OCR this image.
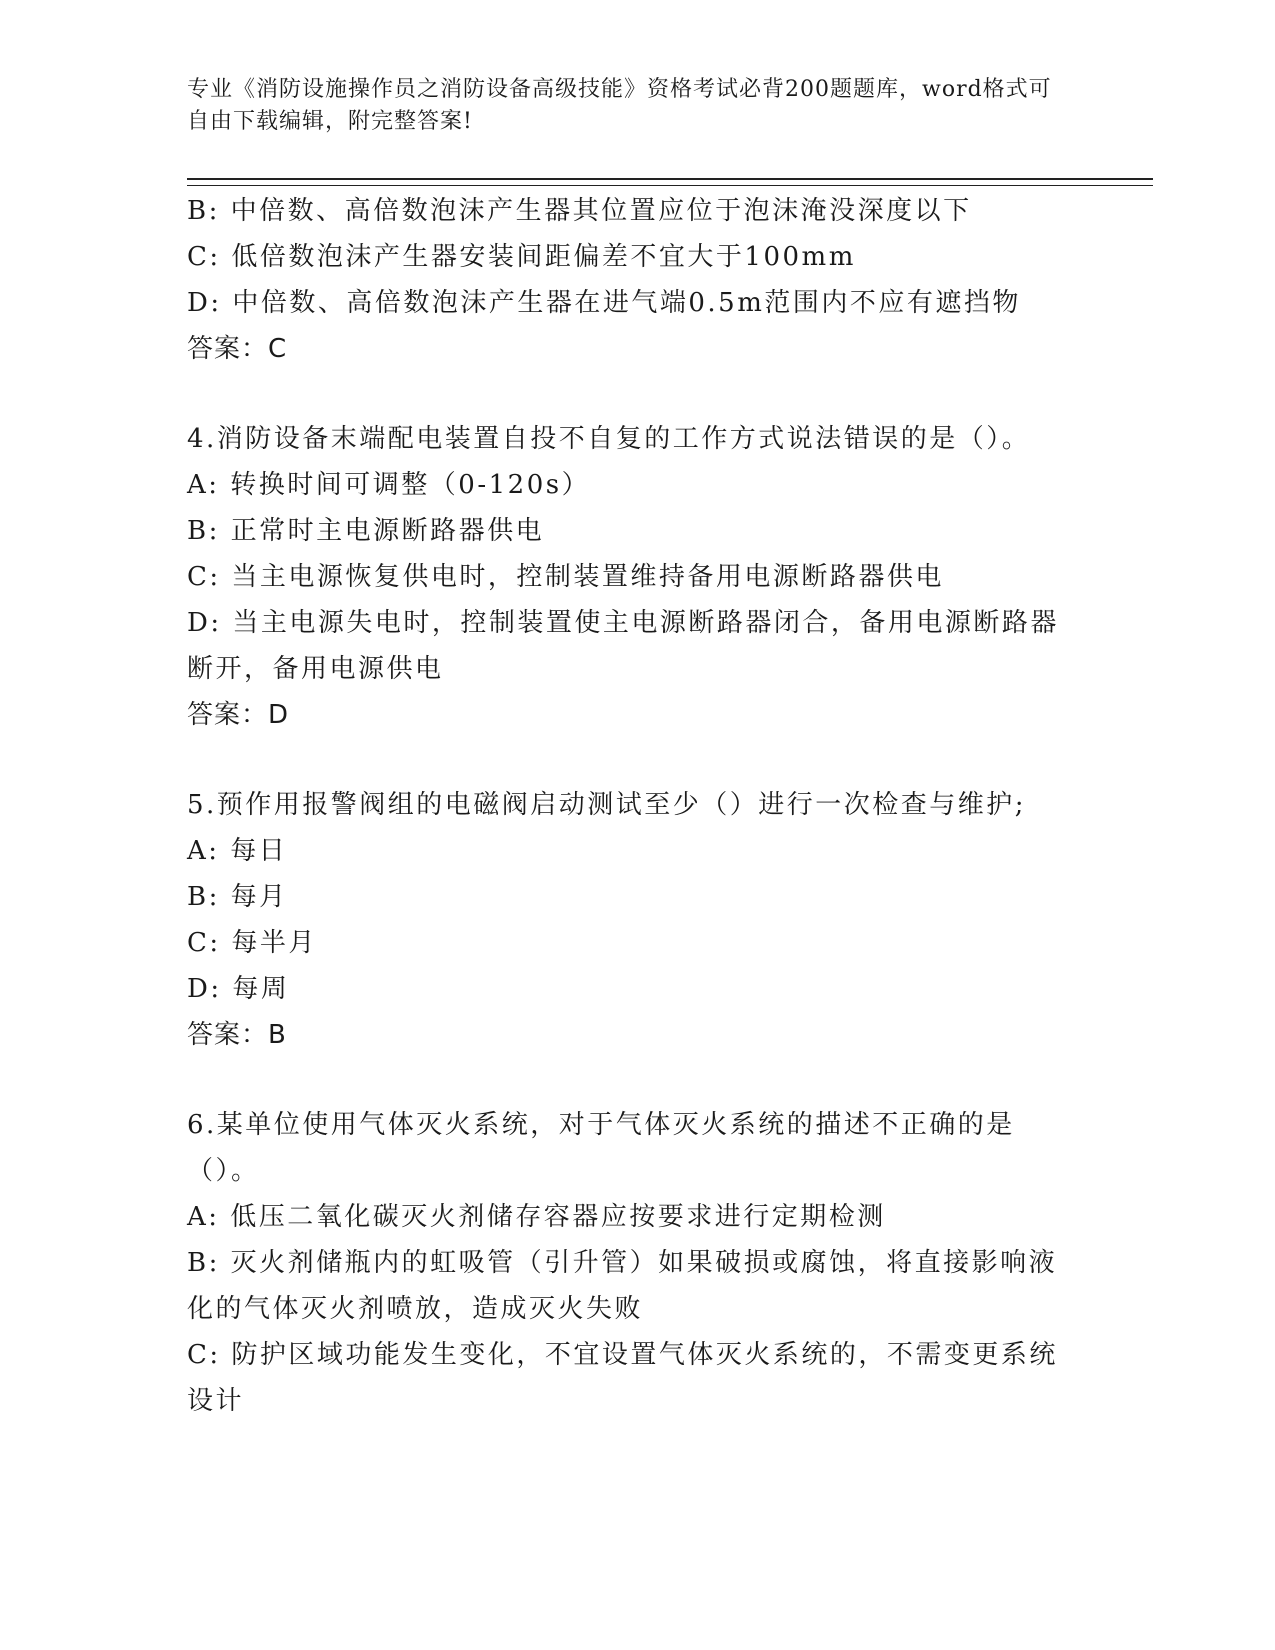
专业《消防设施操作员之消防设备高级技能》资格考试必背200题题库，word格式可自由下载编辑，附完整答案!

B: 中倍数、高倍数泡沫产生器其位置应位于泡沫淹没深度以下

C: 低倍数泡沫产生器安装间距偏差不宜大于100mm

D: 中倍数、高倍数泡沫产生器在进气端0.5m范围内不应有遮挡物

答案：C

4.消防设备末端配电装置自投不自复的工作方式说法错误的是（）。

A: 转换时间可调整（0-120s）

B: 正常时主电源断路器供电

C: 当主电源恢复供电时，控制装置维持备用电源断路器供电

D: 当主电源失电时，控制装置使主电源断路器闭合，备用电源断路器断开，备用电源供电

答案：D

5.预作用报警阀组的电磁阀启动测试至少（）进行一次检查与维护;

A: 每日

B: 每月

C: 每半月

D: 每周

答案：B

6.某单位使用气体灭火系统，对于气体灭火系统的描述不正确的是（）。

A: 低压二氧化碳灭火剂储存容器应按要求进行定期检测

B: 灭火剂储瓶内的虹吸管（引升管）如果破损或腐蚀，将直接影响液化的气体灭火剂喷放，造成灭火失败

C: 防护区域功能发生变化，不宜设置气体灭火系统的，不需变更系统设计
